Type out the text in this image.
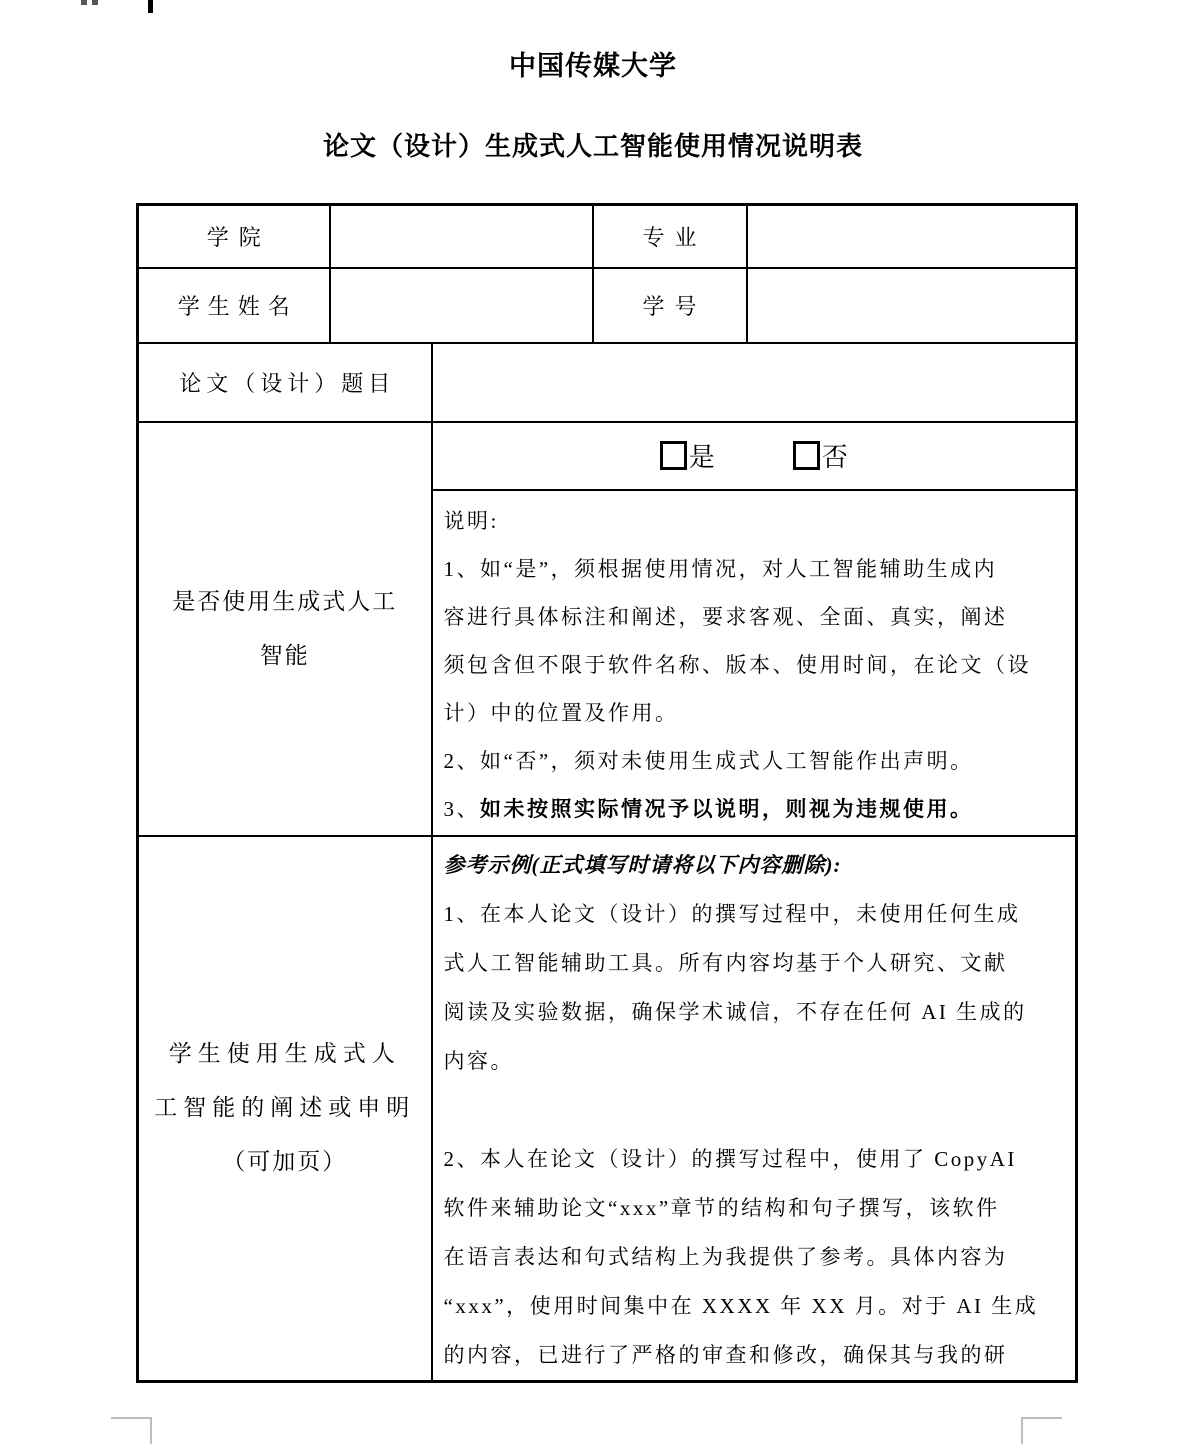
中国传媒大学
论文（设计）生成式人工智能使用情况说明表
学院			专业	
学生姓名			学号	
论文（设计）题目				

是否使用生成式人工
智能

是	否

说明:
1、如“是”，须根据使用情况，对人工智能辅助生成内
容进行具体标注和阐述，要求客观、全面、真实，阐述
须包含但不限于软件名称、版本、使用时间，在论文（设
计）中的位置及作用。
2、如“否”，须对未使用生成式人工智能作出声明。
3、如未按照实际情况予以说明，则视为违规使用。

学生使用生成式人
工智能的阐述或申明
（可加页）

参考示例(正式填写时请将以下内容删除):
1、在本人论文（设计）的撰写过程中，未使用任何生成
式人工智能辅助工具。所有内容均基于个人研究、文献
阅读及实验数据，确保学术诚信，不存在任何 AI 生成的
内容。
2、本人在论文（设计）的撰写过程中，使用了 CopyAI
软件来辅助论文“xxx”章节的结构和句子撰写，该软件
在语言表达和句式结构上为我提供了参考。具体内容为
“xxx”，使用时间集中在 XXXX 年 XX 月。对于 AI 生成
的内容，已进行了严格的审查和修改，确保其与我的研
